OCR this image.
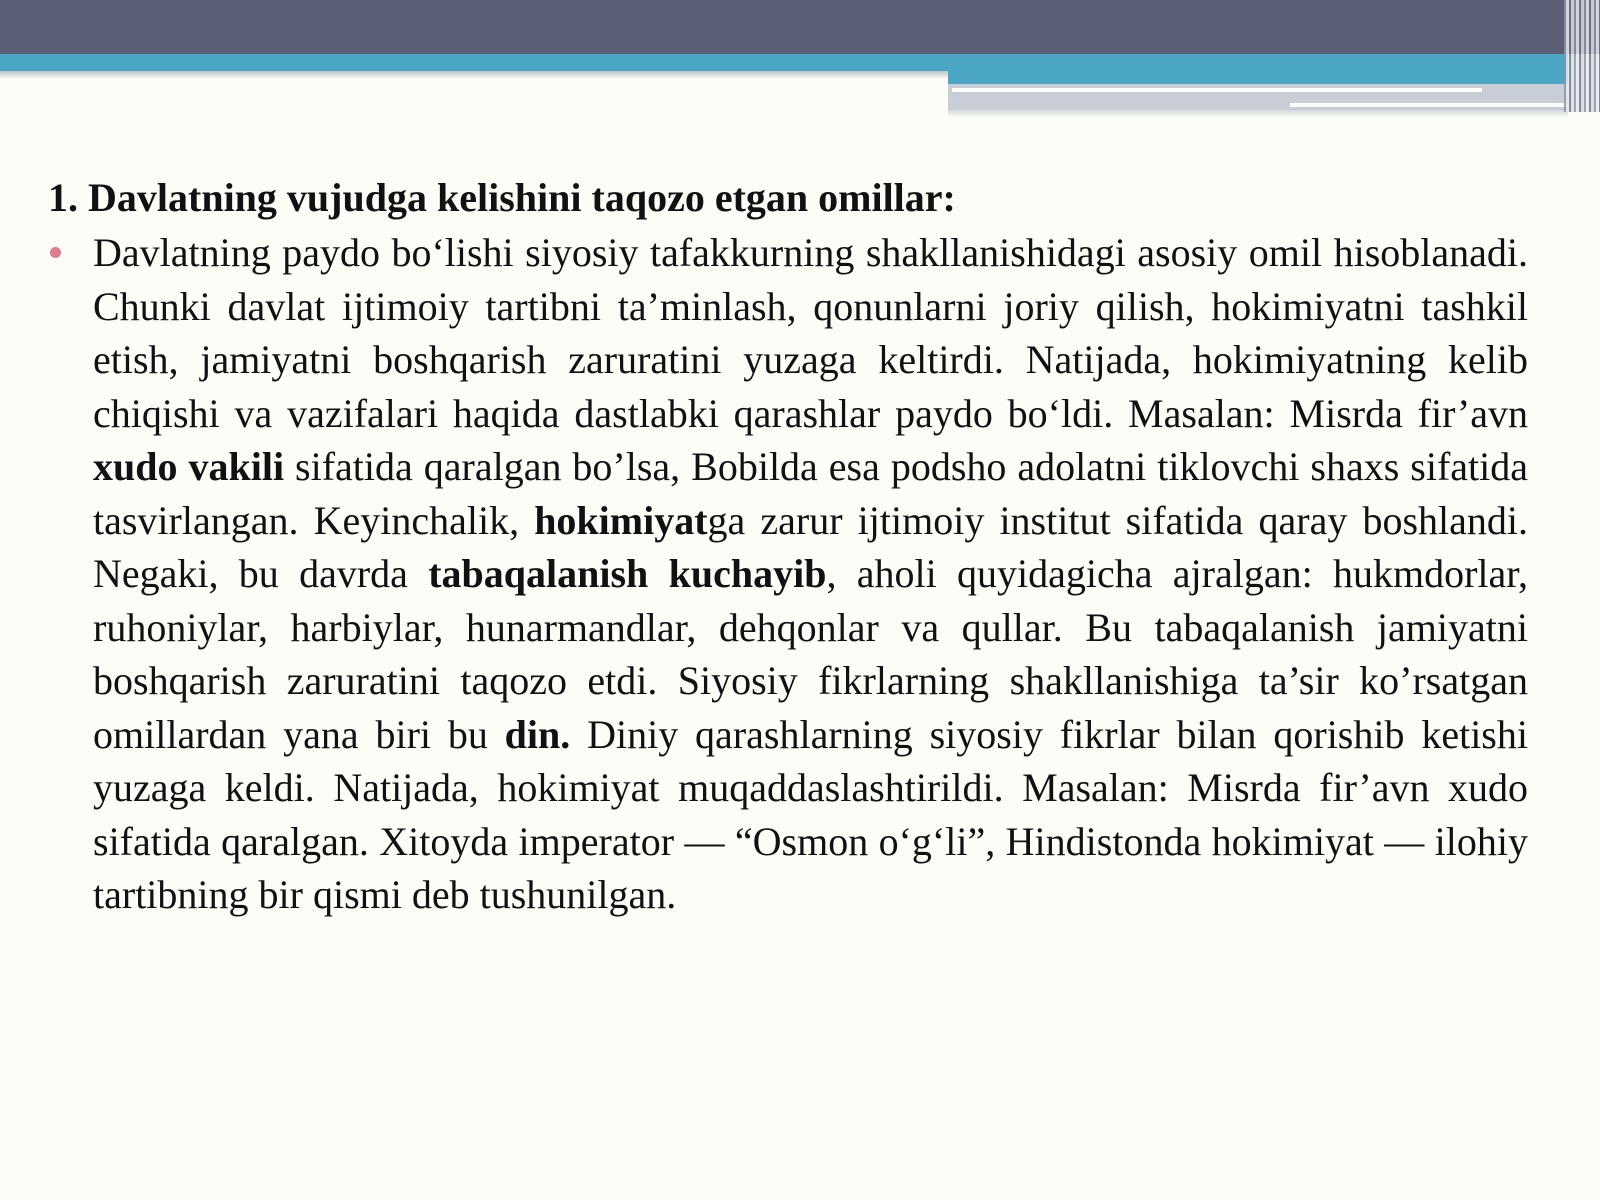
1. Davlatning vujudga kelishini taqozo etgan omillar:

Davlatning paydo bo‘lishi siyosiy tafakkurning shakllanishidagi asosiy omil hisoblanadi. Chunki davlat ijtimoiy tartibni ta’minlash, qonunlarni joriy qilish, hokimiyatni tashkil etish, jamiyatni boshqarish zaruratini yuzaga keltirdi. Natijada, hokimiyatning kelib chiqishi va vazifalari haqida dastlabki qarashlar paydo bo‘ldi. Masalan: Misrda fir’avn xudo vakili sifatida qaralgan bo’lsa, Bobilda esa podsho adolatni tiklovchi shaxs sifatida tasvirlangan. Keyinchalik, hokimiyatga zarur ijtimoiy institut sifatida qaray boshlandi. Negaki, bu davrda tabaqalanish kuchayib, aholi quyidagicha ajralgan: hukmdorlar, ruhoniylar, harbiylar, hunarmandlar, dehqonlar va qullar. Bu tabaqalanish jamiyatni boshqarish zaruratini taqozo etdi. Siyosiy fikrlarning shakllanishiga ta’sir ko’rsatgan omillardan yana biri bu din. Diniy qarashlarning siyosiy fikrlar bilan qorishib ketishi yuzaga keldi. Natijada, hokimiyat muqaddaslashtirildi. Masalan: Misrda fir’avn xudo sifatida qaralgan. Xitoyda imperator — “Osmon o‘g‘li”, Hindistonda hokimiyat — ilohiy tartibning bir qismi deb tushunilgan.
